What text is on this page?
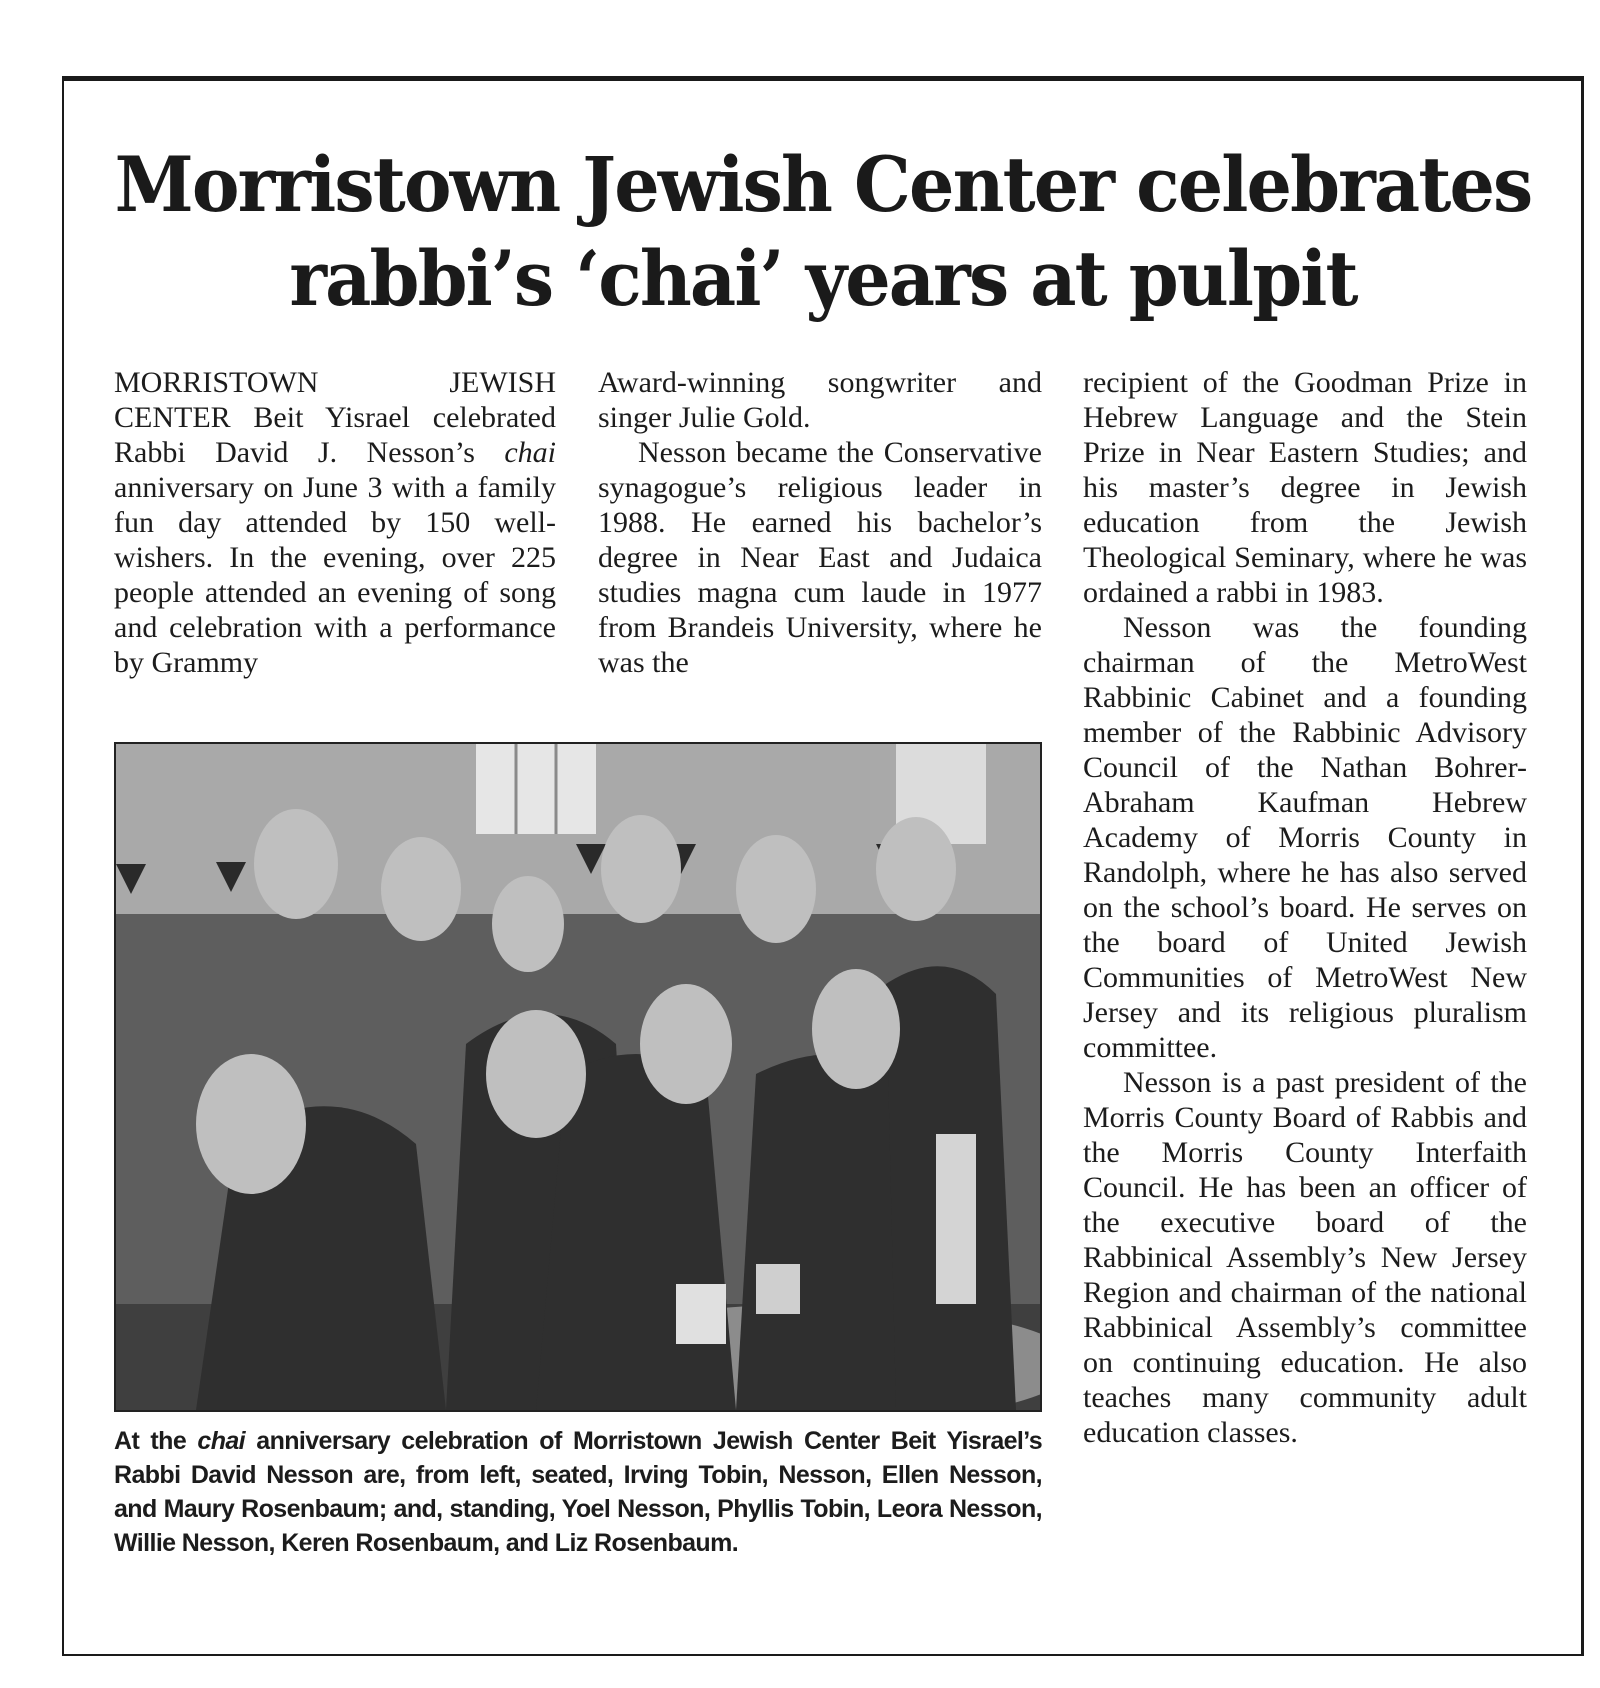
Morristown Jewish Center celebrates
rabbi’s ‘chai’ years at pulpit

MORRISTOWN JEWISH CENTER Beit Yisrael celebrated Rabbi David J. Nesson’s chai anniversary on June 3 with a family fun day attended by 150 well-wishers. In the evening, over 225 people attended an evening of song and celebration with a performance by Grammy

Award-winning songwriter and singer Julie Gold.

Nesson became the Conservative synagogue’s religious leader in 1988. He earned his bachelor’s degree in Near East and Judaica studies magna cum laude in 1977 from Brandeis University, where he was the

recipient of the Goodman Prize in Hebrew Language and the Stein Prize in Near Eastern Studies; and his master’s degree in Jewish education from the Jewish Theological Seminary, where he was ordained a rabbi in 1983.

Nesson was the founding chairman of the MetroWest Rabbinic Cabinet and a founding member of the Rabbinic Advisory Council of the Nathan Bohrer-Abraham Kaufman Hebrew Academy of Morris County in Randolph, where he has also served on the school’s board. He serves on the board of United Jewish Communities of MetroWest New Jersey and its religious pluralism committee.

Nesson is a past president of the Morris County Board of Rabbis and the Morris County Interfaith Council. He has been an officer of the executive board of the Rabbinical Assembly’s New Jersey Region and chairman of the national Rabbinical Assembly’s committee on continuing education. He also teaches many community adult education classes.

At the chai anniversary celebration of Morristown Jewish Center Beit Yisrael’s Rabbi David Nesson are, from left, seated, Irving Tobin, Nesson, Ellen Nesson, and Maury Rosenbaum; and, standing, Yoel Nesson, Phyllis Tobin, Leora Nesson, Willie Nesson, Keren Rosenbaum, and Liz Rosenbaum.
